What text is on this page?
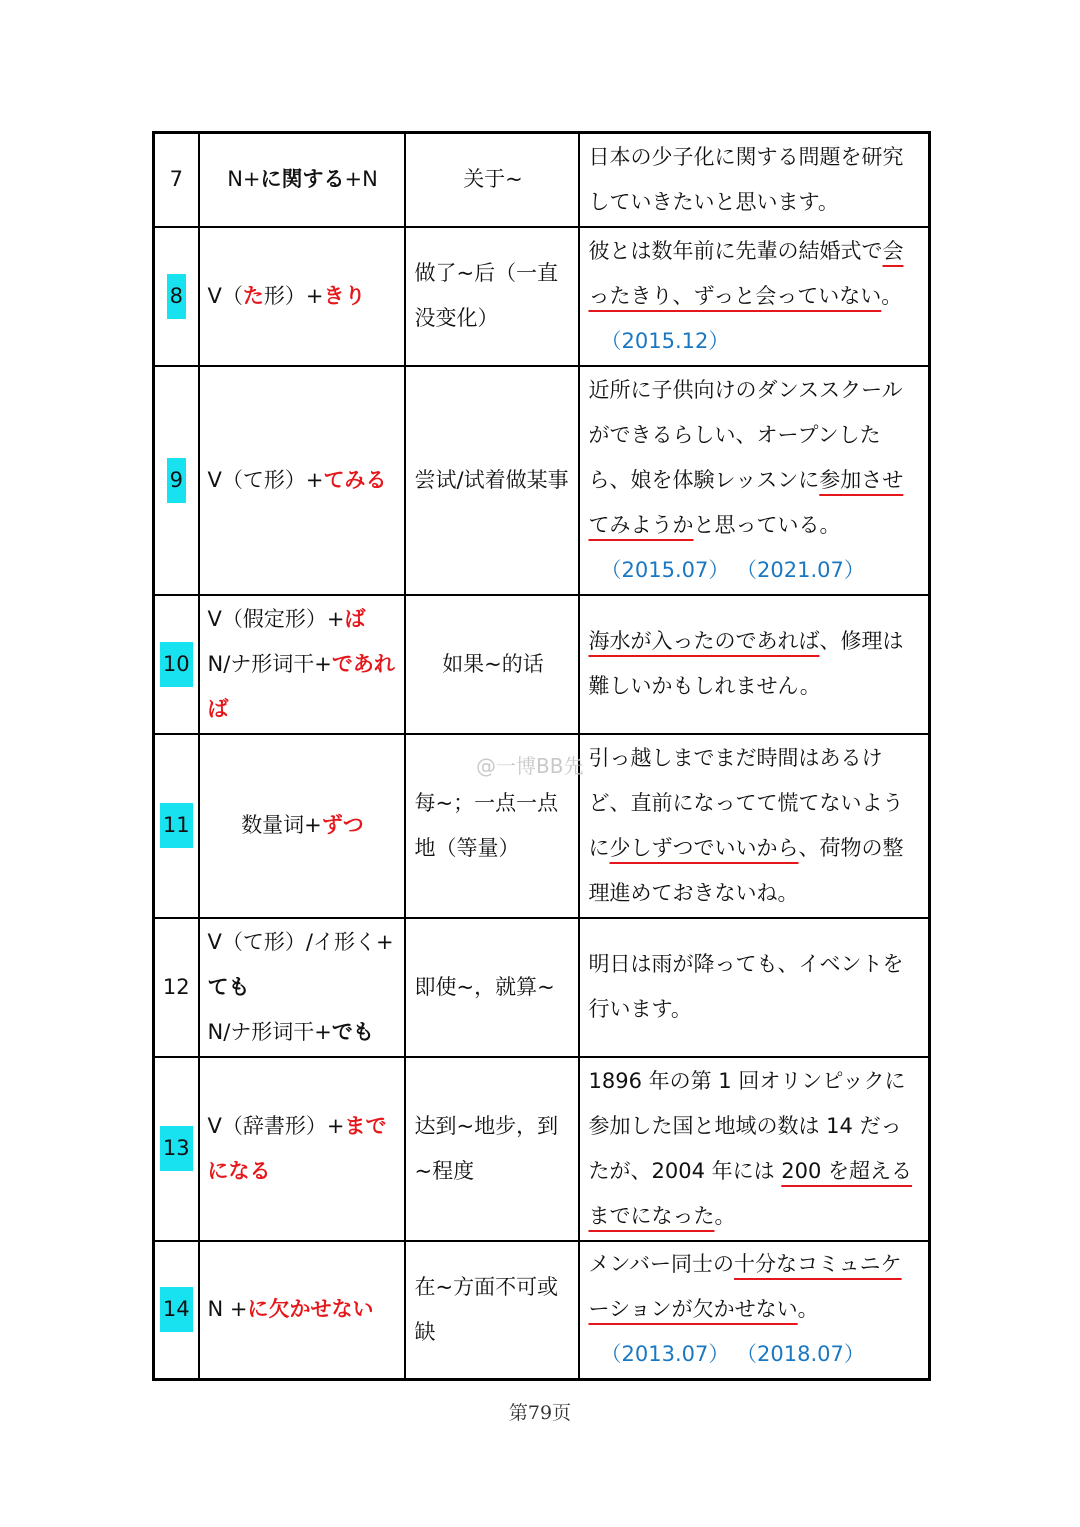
7	N+に関する+N	关于~	日本の少子化に関する問題を研究していきたいと思います。
8	V（た形）+きり	做了~后（一直没变化）	彼とは数年前に先輩の結婚式で会ったきり、ずっと会っていない。
（2015.12）
9	V（て形）+てみる	尝试/试着做某事	近所に子供向けのダンススクールができるらしい、オープンしたら、娘を体験レッスンに参加させてみようかと思っている。
（2015.07） （2021.07）
10	V（假定形）+ば
N/ナ形词干+であれば	如果~的话	海水が入ったのであれば、修理は難しいかもしれません。
11	数量词+ずつ	每~；一点一点地（等量）	引っ越しまでまだ時間はあるけど、直前になってて慌てないように少しずつでいいから、荷物の整理進めておきないね。
12	V（て形）/イ形く+
ても
N/ナ形词干+でも	即使~，就算~	明日は雨が降っても、イベントを行います。
13	V（辞書形）+までになる	达到~地步，到~程度	1896 年の第 1 回オリンピックに参加した国と地域の数は 14 だったが、2004 年には 200 を超えるまでになった。
14	N +に欠かせない	在~方面不可或缺	メンバー同士の十分なコミュニケーションが欠かせない。
（2013.07） （2018.07）
@一博BB先
第79页
